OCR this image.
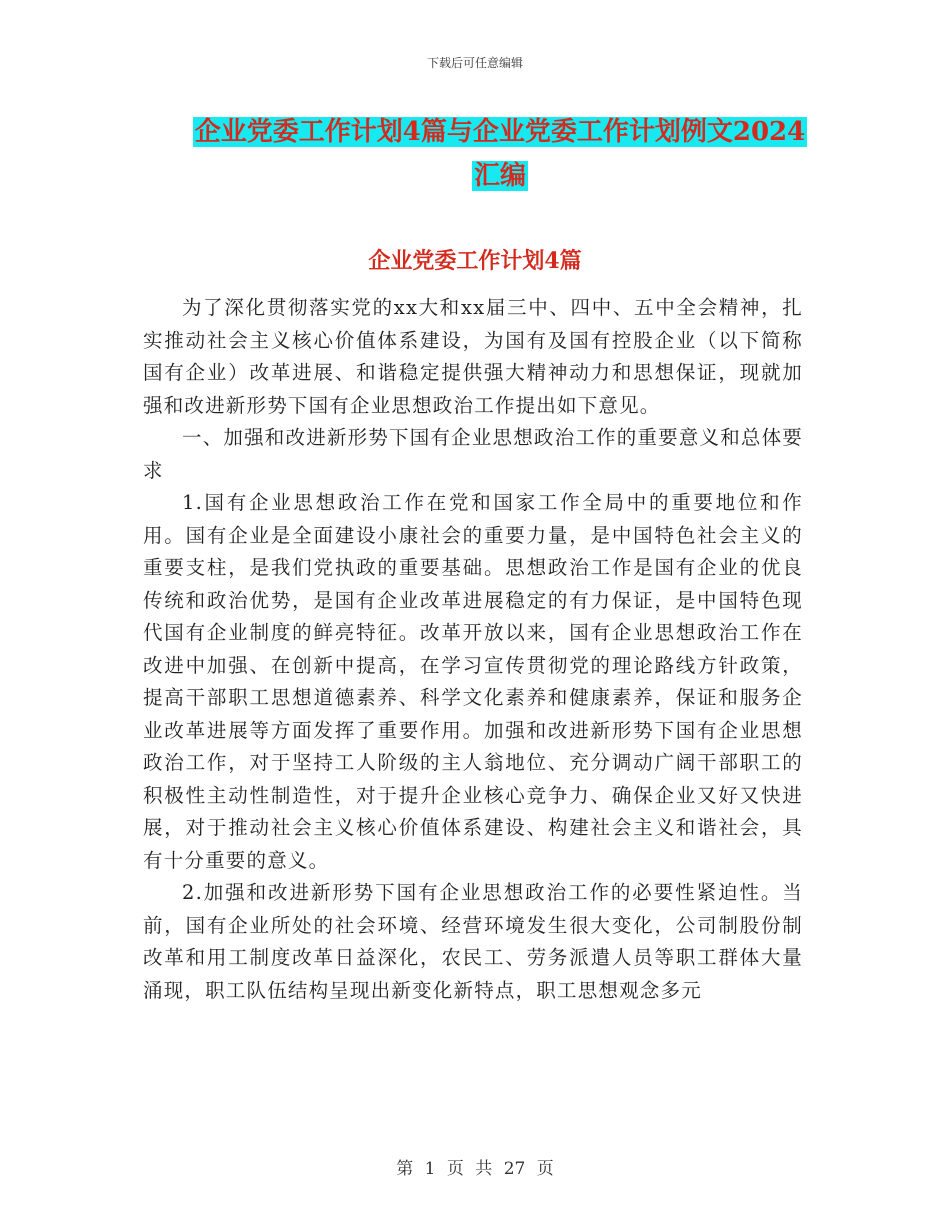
下载后可任意编辑
企业党委工作计划4篇与企业党委工作计划例文2024
汇编
企业党委工作计划4篇

为了深化贯彻落实党的xx大和xx届三中、四中、五中全会精神，扎实推动社会主义核心价值体系建设，为国有及国有控股企业（以下简称国有企业）改革进展、和谐稳定提供强大精神动力和思想保证，现就加强和改进新形势下国有企业思想政治工作提出如下意见。

一、加强和改进新形势下国有企业思想政治工作的重要意义和总体要求

1.国有企业思想政治工作在党和国家工作全局中的重要地位和作用。国有企业是全面建设小康社会的重要力量，是中国特色社会主义的重要支柱，是我们党执政的重要基础。思想政治工作是国有企业的优良传统和政治优势，是国有企业改革进展稳定的有力保证，是中国特色现代国有企业制度的鲜亮特征。改革开放以来，国有企业思想政治工作在改进中加强、在创新中提高，在学习宣传贯彻党的理论路线方针政策，提高干部职工思想道德素养、科学文化素养和健康素养，保证和服务企业改革进展等方面发挥了重要作用。加强和改进新形势下国有企业思想政治工作，对于坚持工人阶级的主人翁地位、充分调动广阔干部职工的积极性主动性制造性，对于提升企业核心竞争力、确保企业又好又快进展，对于推动社会主义核心价值体系建设、构建社会主义和谐社会，具有十分重要的意义。

2.加强和改进新形势下国有企业思想政治工作的必要性紧迫性。当前，国有企业所处的社会环境、经营环境发生很大变化，公司制股份制改革和用工制度改革日益深化，农民工、劳务派遣人员等职工群体大量涌现，职工队伍结构呈现出新变化新特点，职工思想观念多元

第 1 页 共 27 页
